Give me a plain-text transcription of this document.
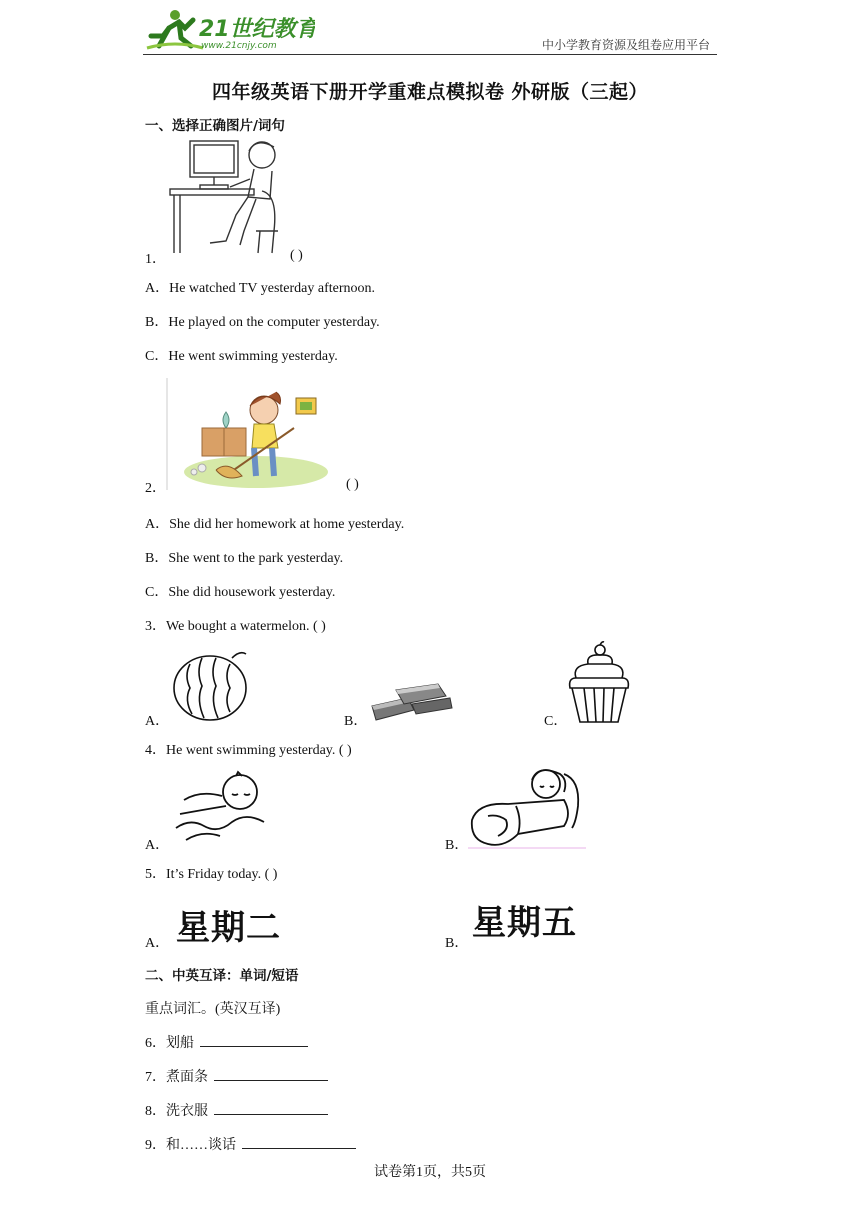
21世纪教育
www.21cnjy.com	中小学教育资源及组卷应用平台
四年级英语下册开学重难点模拟卷 外研版（三起）
一、选择正确图片/词句
1．	( )
A．He watched TV yesterday afternoon.
B．He played on the computer yesterday.
C．He went swimming yesterday.
2．	( )
A．She did her homework at home yesterday.
B．She went to the park yesterday.
C．She did housework yesterday.
3．We bought a watermelon. ( )
A．	B．	C．
4．He went swimming yesterday. ( )
A．	B．
5．It’s Friday today. ( )
A． 星期二	B．
星期五
二、中英互译：单词/短语
重点词汇。(英汉互译)
6．划船
7．煮面条
8．洗衣服
9．和……谈话
试卷第1页，共5页
